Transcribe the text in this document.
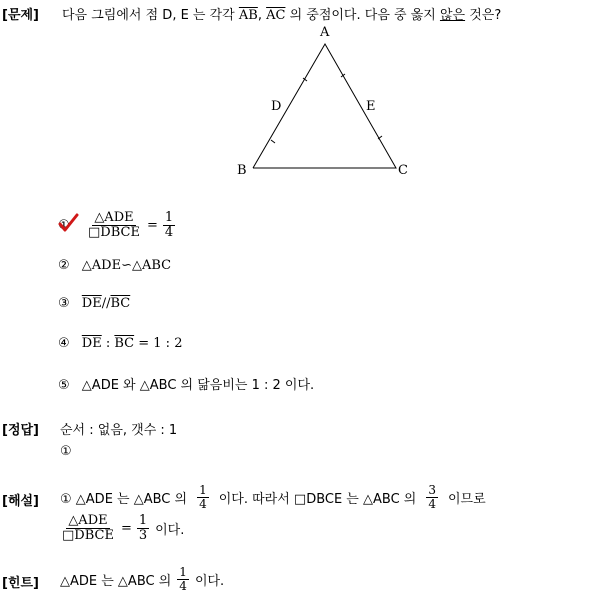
[문제] 다음 그림에서 점 D, E 는 각각 $\overline{AB}$, $\overline{AC}$ 의 중점이다. 다음 중 옳지 않은 것은?
A
B	C
D	E
①	$\frac{\text{△ADE}}{\text{□DBCE}} = \frac{1}{4}$
② △ADE∽△ABC
③ $\overline{DE}//\overline{BC}$
④ $\overline{DE}$ : $\overline{BC} = 1$ : 2
⑤ △ADE 와 △ABC 의 닮음비는 1 : 2 이다.
[정답] 순서 : 없음, 갯수 : 1
①
[해설] ① △ADE 는 △ABC 의 $\frac{1}{4}$ 이다. 따라서 □DBCE 는 △ABC 의 $\frac{3}{4}$ 이므로
$\frac{\text{△ADE}}{\text{□DBCE}} = \frac{1}{3}$ 이다.
[힌트] △ADE 는 △ABC 의 $\frac{1}{4}$ 이다.
